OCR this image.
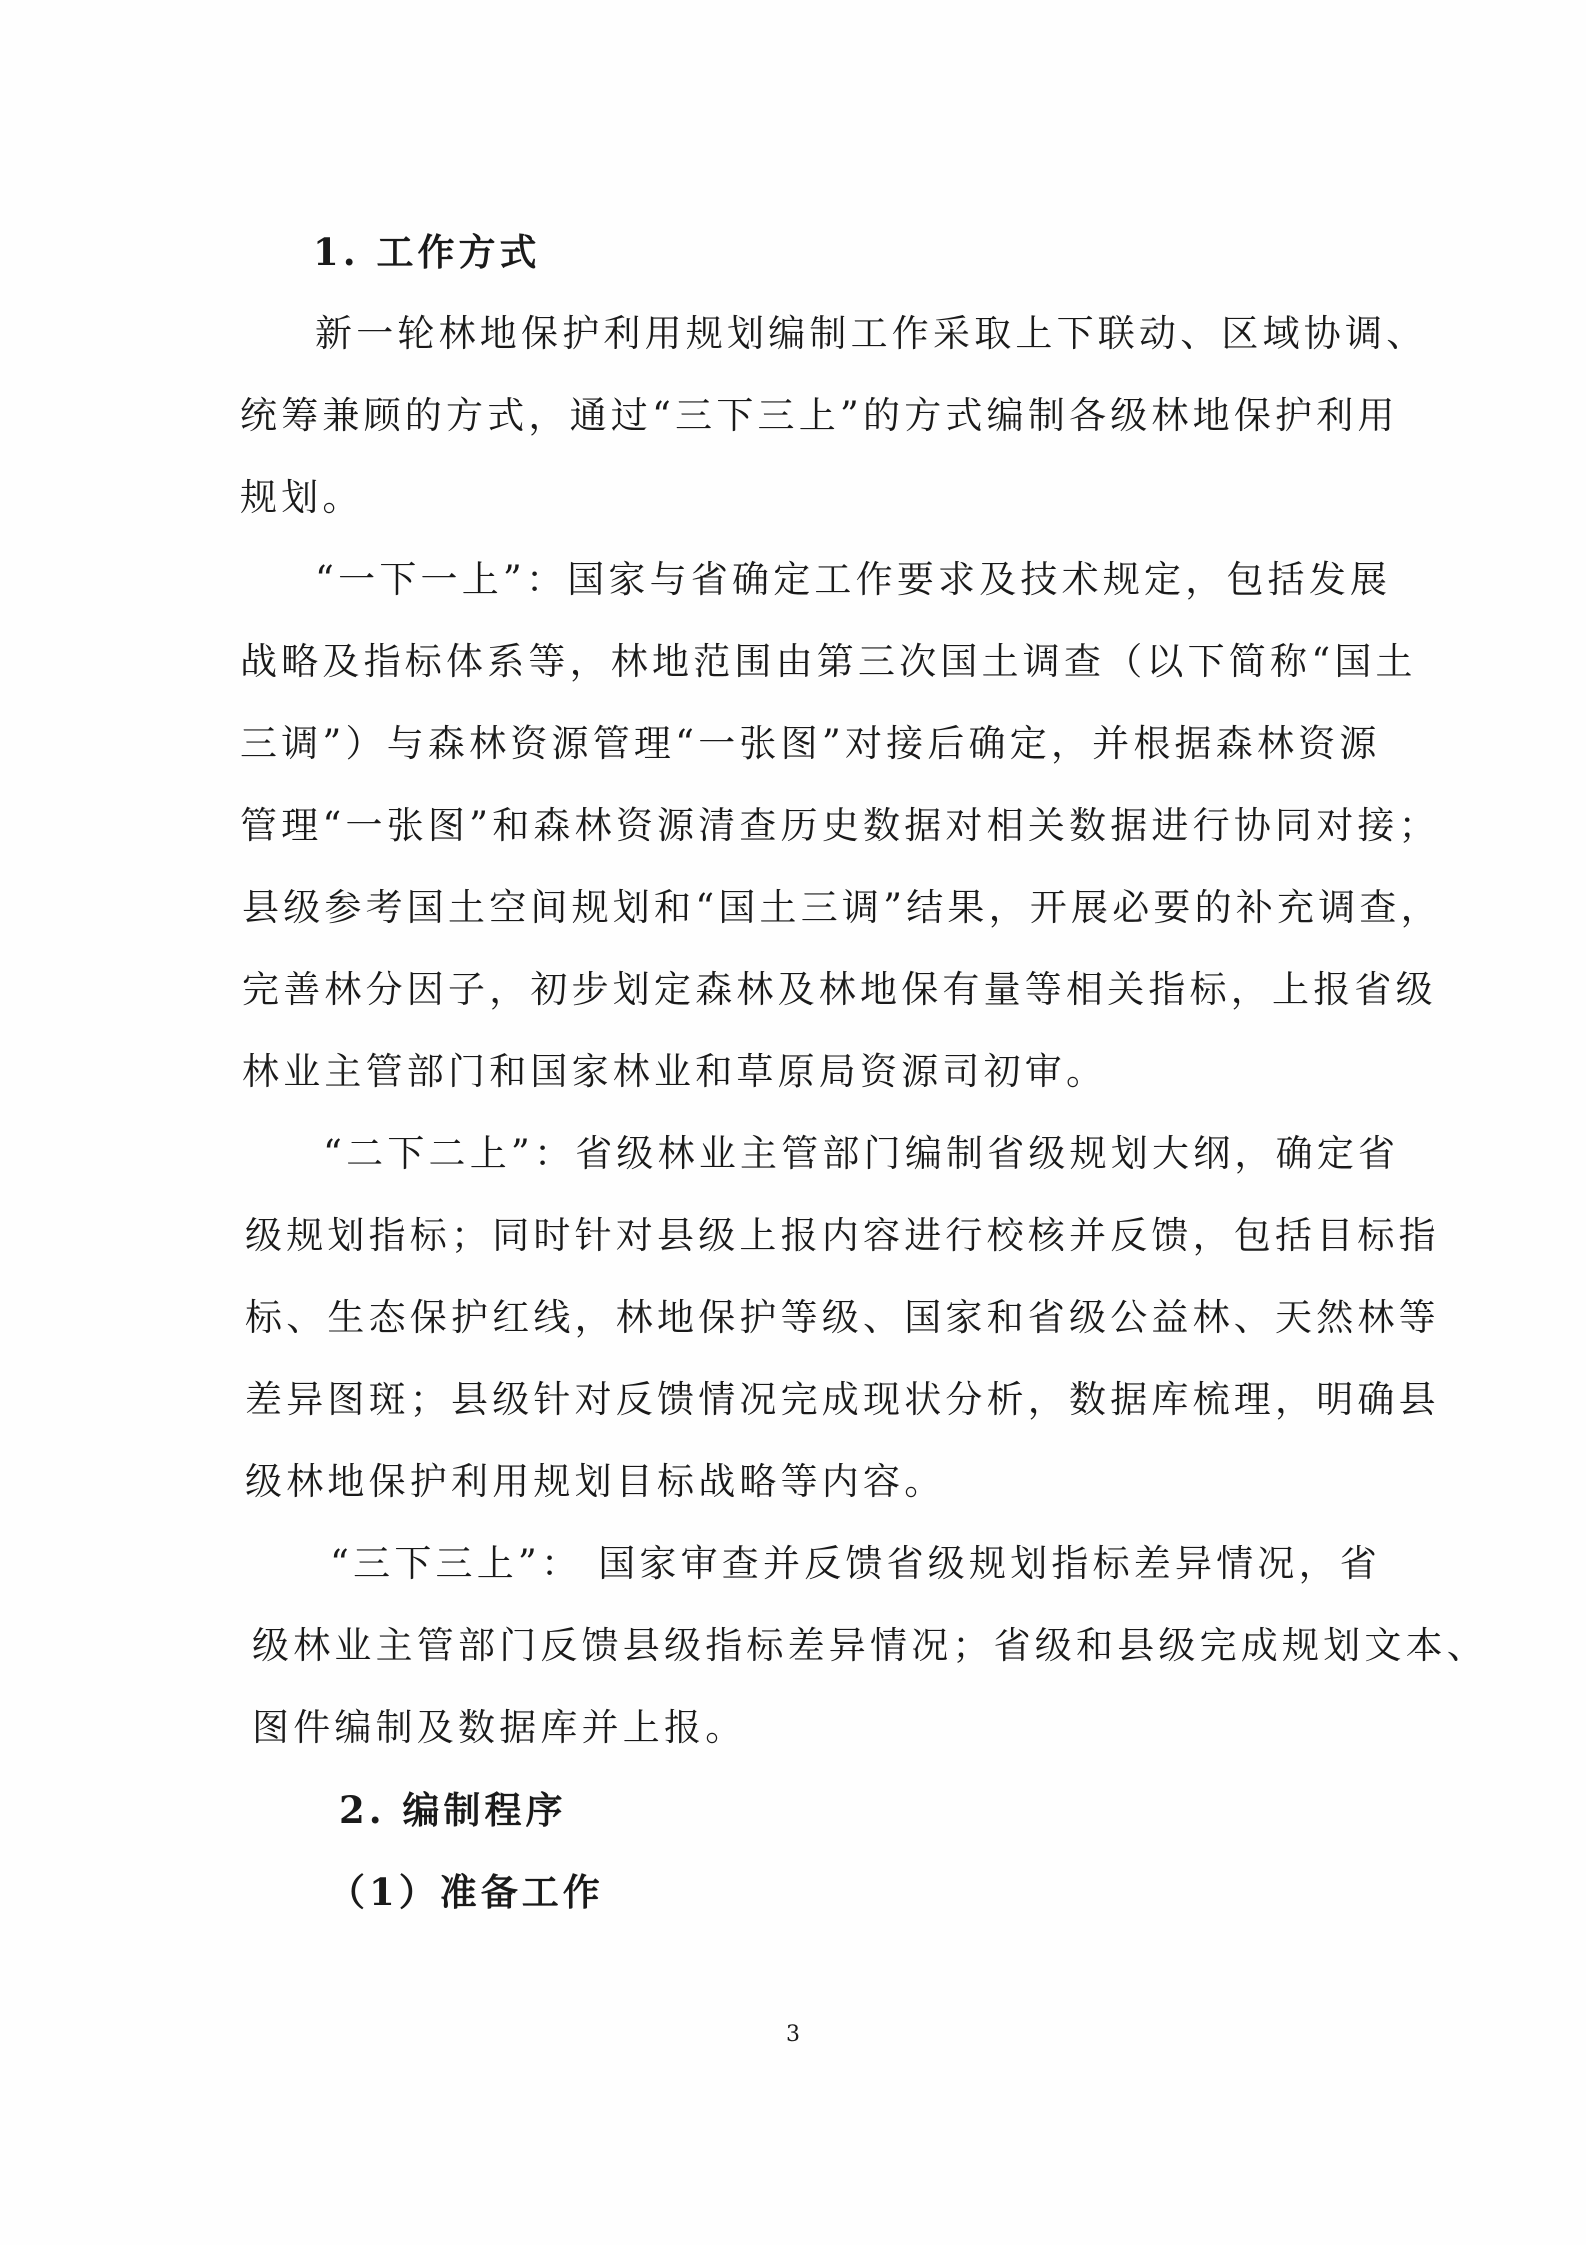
1. 工作方式
新一轮林地保护利用规划编制工作采取上下联动、区域协调、
统筹兼顾的方式，通过“三下三上”的方式编制各级林地保护利用
规划。
“一下一上”：国家与省确定工作要求及技术规定，包括发展
战略及指标体系等，林地范围由第三次国土调查（以下简称“国土
三调”）与森林资源管理“一张图”对接后确定，并根据森林资源
管理“一张图”和森林资源清查历史数据对相关数据进行协同对接；
县级参考国土空间规划和“国土三调”结果，开展必要的补充调查，
完善林分因子，初步划定森林及林地保有量等相关指标，上报省级
林业主管部门和国家林业和草原局资源司初审。
“二下二上”：省级林业主管部门编制省级规划大纲，确定省
级规划指标；同时针对县级上报内容进行校核并反馈，包括目标指
标、生态保护红线，林地保护等级、国家和省级公益林、天然林等
差异图斑；县级针对反馈情况完成现状分析，数据库梳理，明确县
级林地保护利用规划目标战略等内容。
“三下三上”： 国家审查并反馈省级规划指标差异情况，省
级林业主管部门反馈县级指标差异情况；省级和县级完成规划文本、
图件编制及数据库并上报。
2. 编制程序
（1）准备工作
3
